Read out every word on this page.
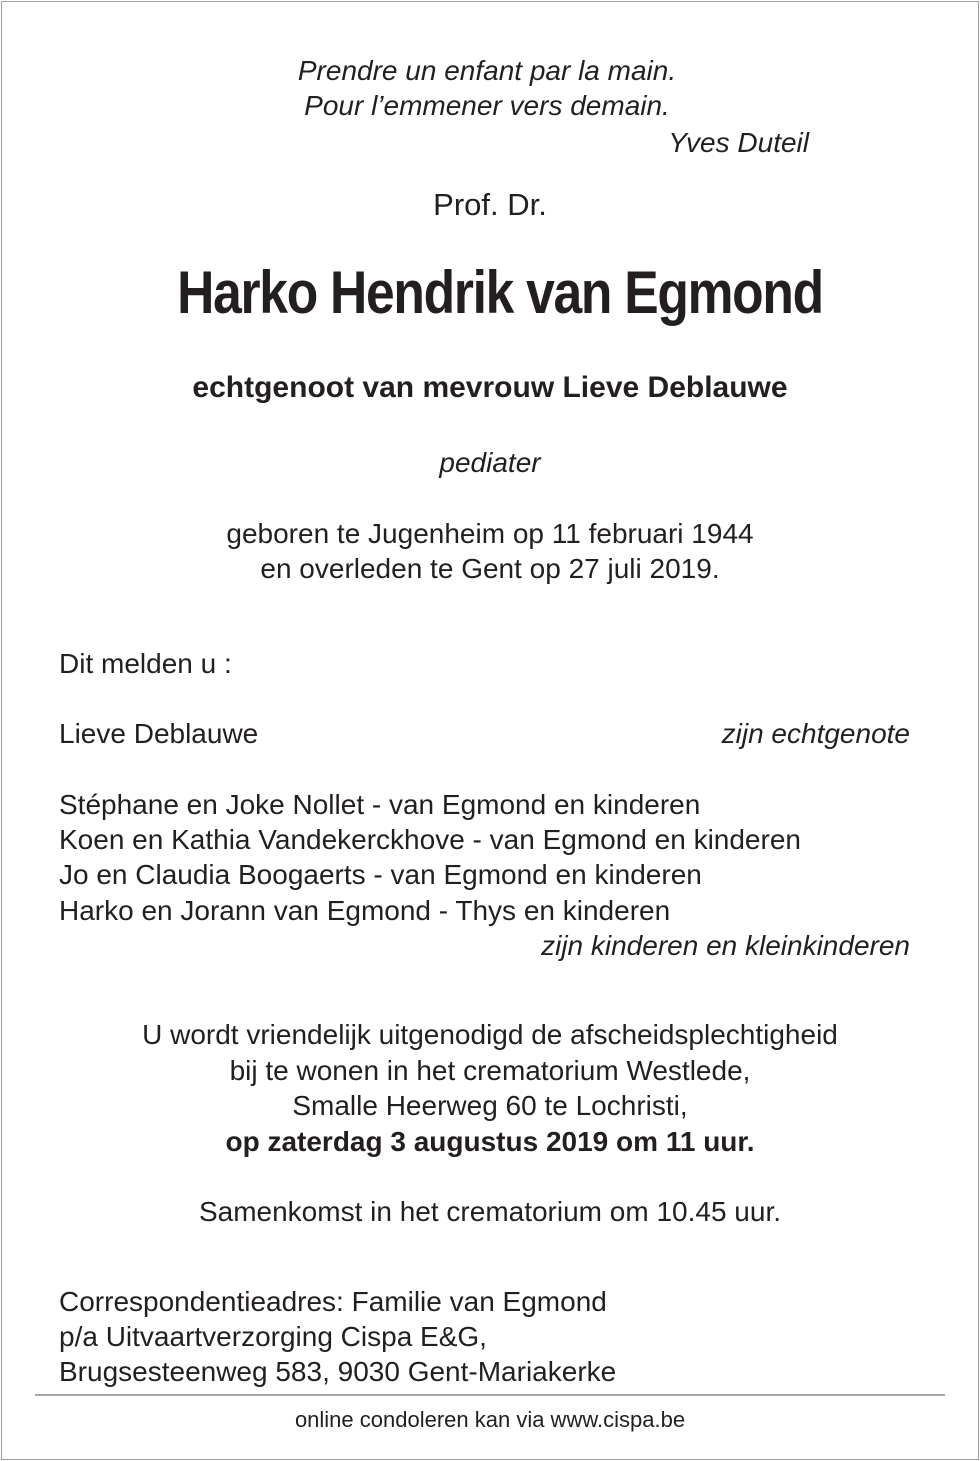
Prendre un enfant par la main.
Pour l’emmener vers demain.
Yves Duteil
Prof. Dr.
Harko Hendrik van Egmond
echtgenoot van mevrouw Lieve Deblauwe
pediater
geboren te Jugenheim op 11 februari 1944
en overleden te Gent op 27 juli 2019.
Dit melden u :
Lieve Deblauwe	zijn echtgenote
Stéphane en Joke Nollet - van Egmond en kinderen
Koen en Kathia Vandekerckhove - van Egmond en kinderen
Jo en Claudia Boogaerts - van Egmond en kinderen
Harko en Jorann van Egmond - Thys en kinderen
zijn kinderen en kleinkinderen
U wordt vriendelijk uitgenodigd de afscheidsplechtigheid
bij te wonen in het crematorium Westlede,
Smalle Heerweg 60 te Lochristi,
op zaterdag 3 augustus 2019 om 11 uur.
Samenkomst in het crematorium om 10.45 uur.
Correspondentieadres: Familie van Egmond
p/a Uitvaartverzorging Cispa E&G,
Brugsesteenweg 583, 9030 Gent-Mariakerke
online condoleren kan via www.cispa.be
